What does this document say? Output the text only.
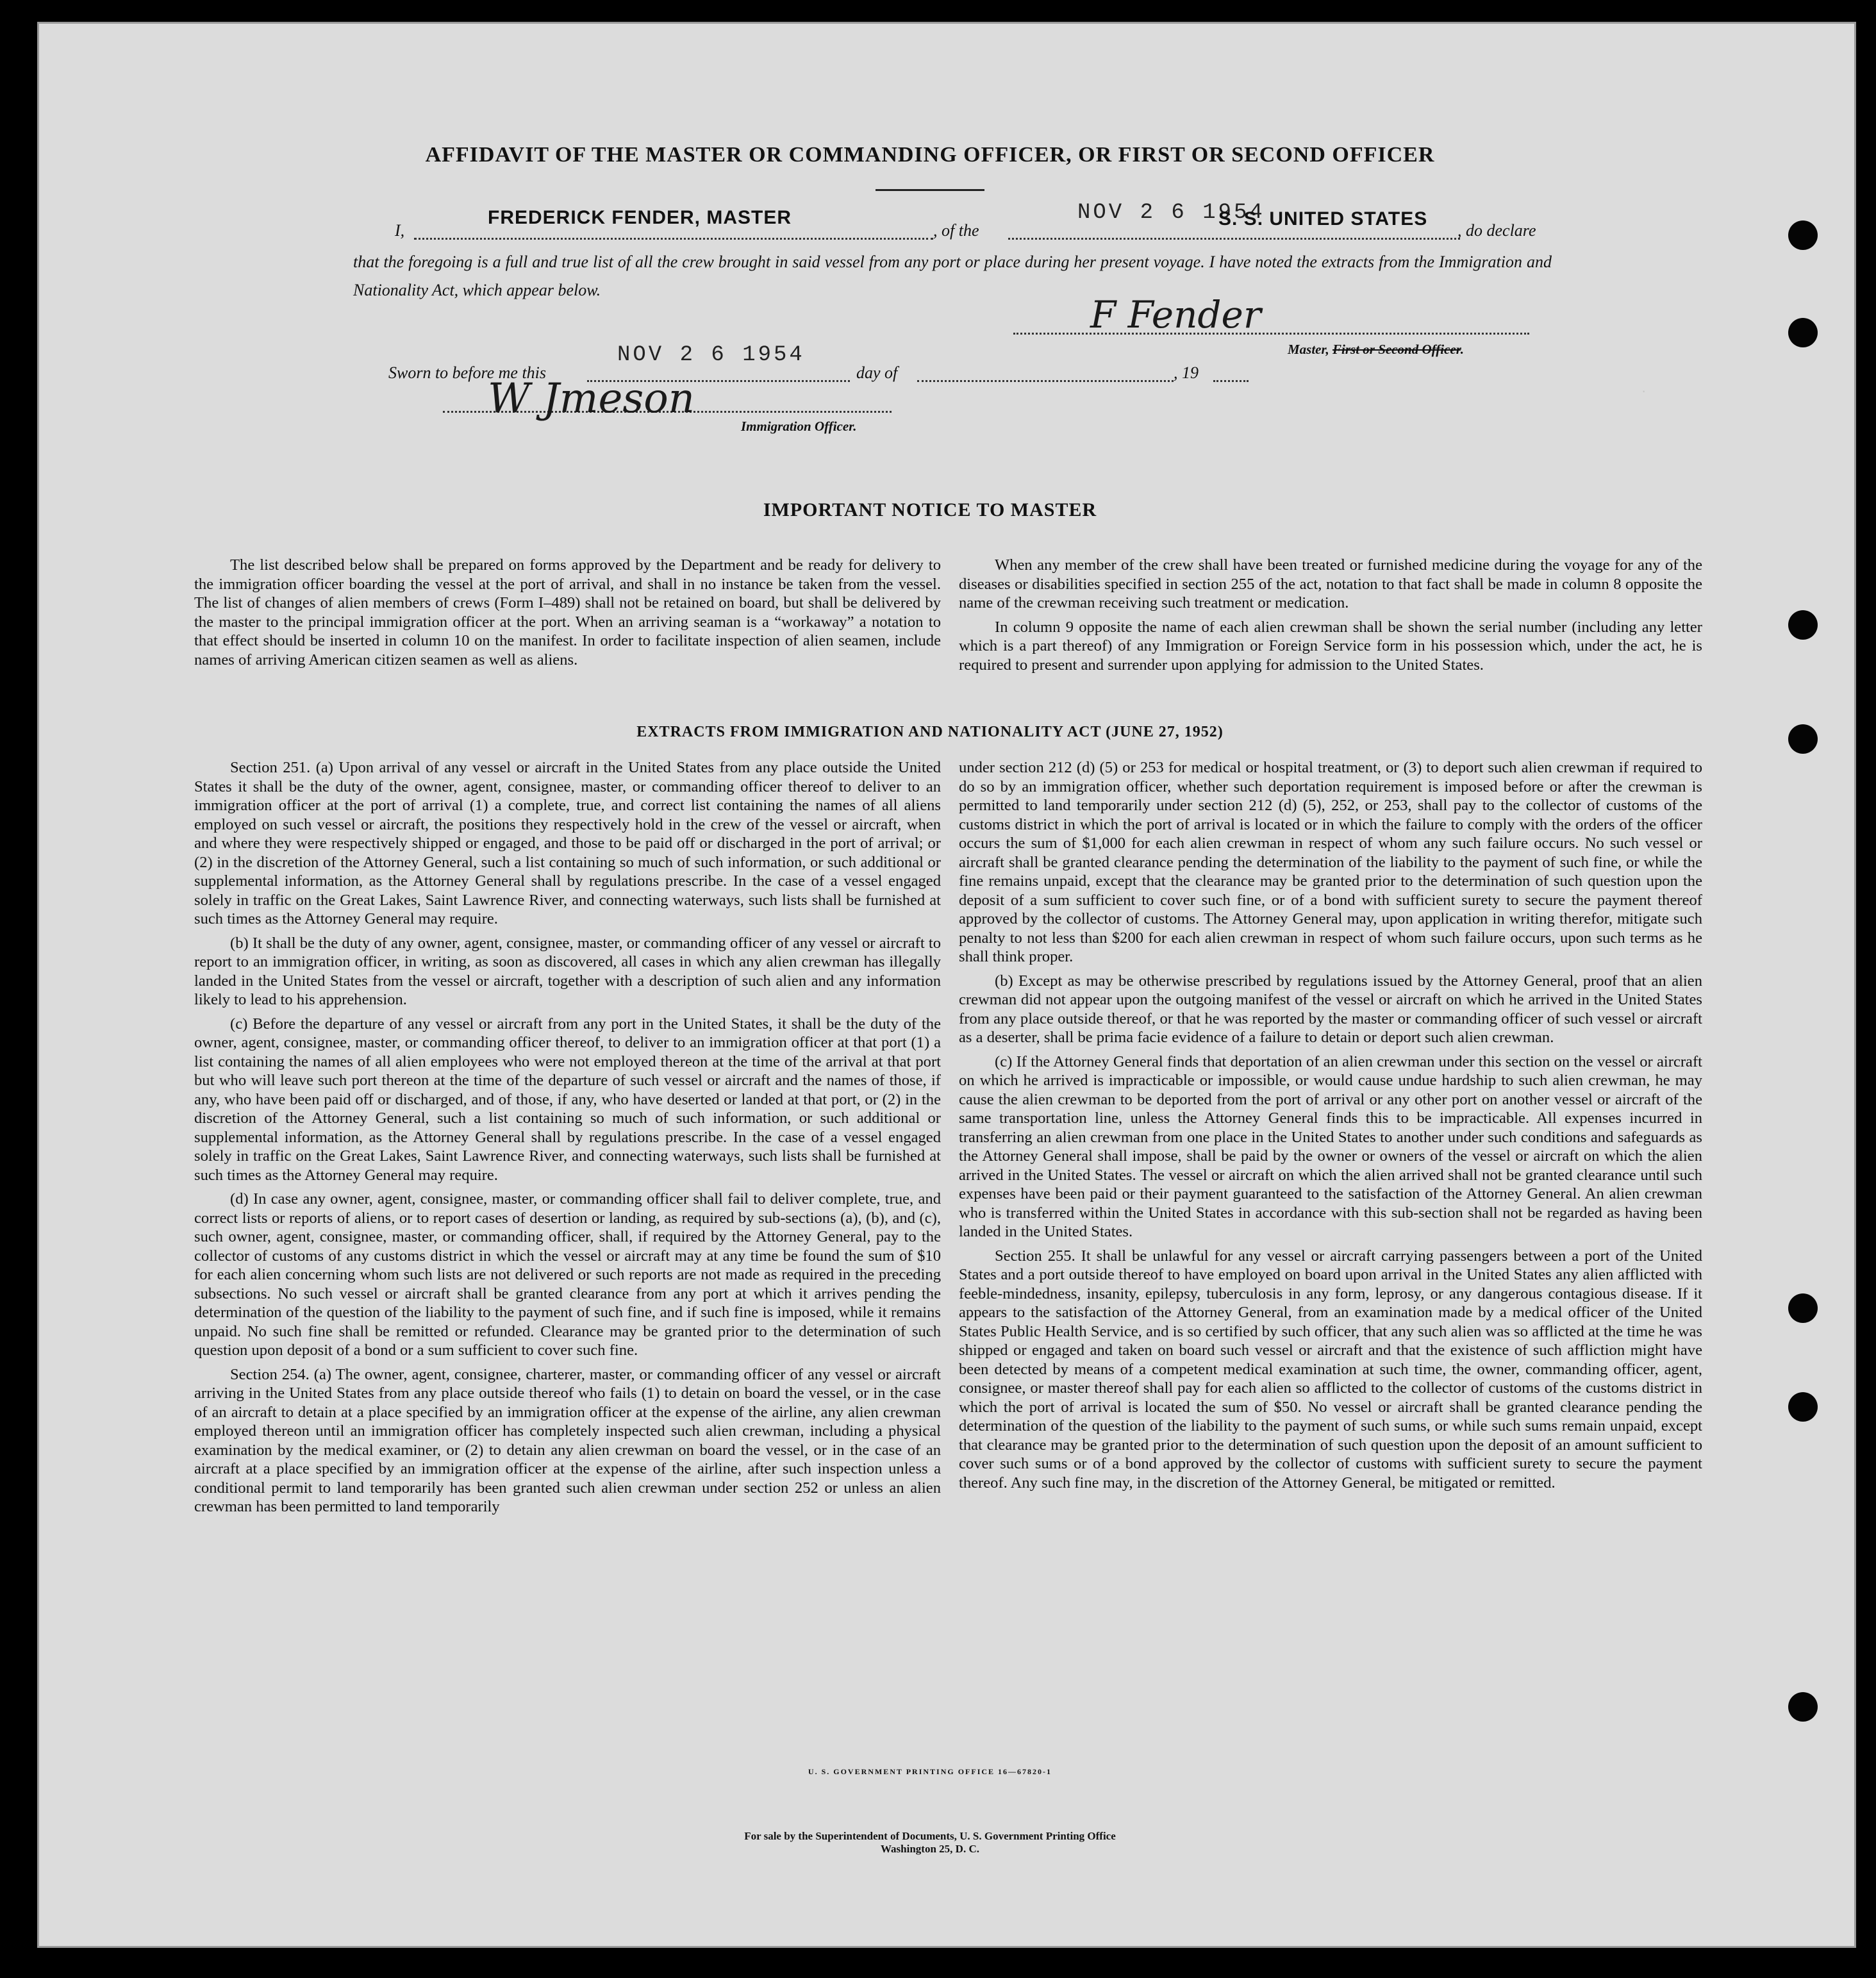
·
AFFIDAVIT OF THE MASTER OR COMMANDING OFFICER, OR FIRST OR SECOND OFFICER
I,
FREDERICK FENDER, MASTER
, of the
NOV 2 6 1954
S. S. UNITED STATES
, do declare
that the foregoing is a full and true list of all the crew brought in said vessel from any port or place during her present voyage. I have noted the extracts from the Immigration and Nationality Act, which appear below.
F Fender
Master, First or Second Officer.
Sworn to before me this
NOV 2 6 1954
day of	, 19
W Jmeson
Immigration Officer.
IMPORTANT NOTICE TO MASTER

The list described below shall be prepared on forms approved by the Department and be ready for delivery to the immigration officer boarding the vessel at the port of arrival, and shall in no instance be taken from the vessel. The list of changes of alien members of crews (Form I–489) shall not be retained on board, but shall be delivered by the master to the principal immigration officer at the port. When an arriving seaman is a “workaway” a notation to that effect should be inserted in column 10 on the manifest. In order to facilitate inspection of alien seamen, include names of arriving American citizen seamen as well as aliens.

When any member of the crew shall have been treated or furnished medicine during the voyage for any of the diseases or disabilities specified in section 255 of the act, notation to that fact shall be made in column 8 opposite the name of the crewman receiving such treatment or medication.

In column 9 opposite the name of each alien crewman shall be shown the serial number (including any letter which is a part thereof) of any Immigration or Foreign Service form in his possession which, under the act, he is required to present and surrender upon applying for admission to the United States.

EXTRACTS FROM IMMIGRATION AND NATIONALITY ACT (JUNE 27, 1952)

Section 251. (a) Upon arrival of any vessel or aircraft in the United States from any place outside the United States it shall be the duty of the owner, agent, consignee, master, or commanding officer thereof to deliver to an immigration officer at the port of arrival (1) a complete, true, and correct list containing the names of all aliens employed on such vessel or aircraft, the positions they respectively hold in the crew of the vessel or aircraft, when and where they were respectively shipped or engaged, and those to be paid off or discharged in the port of arrival; or (2) in the discretion of the Attorney General, such a list containing so much of such information, or such additional or supplemental information, as the Attorney General shall by regulations prescribe. In the case of a vessel engaged solely in traffic on the Great Lakes, Saint Lawrence River, and connecting waterways, such lists shall be furnished at such times as the Attorney General may require.

(b) It shall be the duty of any owner, agent, consignee, master, or commanding officer of any vessel or aircraft to report to an immigration officer, in writing, as soon as discovered, all cases in which any alien crewman has illegally landed in the United States from the vessel or aircraft, together with a description of such alien and any information likely to lead to his apprehension.

(c) Before the departure of any vessel or aircraft from any port in the United States, it shall be the duty of the owner, agent, consignee, master, or commanding officer thereof, to deliver to an immigration officer at that port (1) a list containing the names of all alien employees who were not employed thereon at the time of the arrival at that port but who will leave such port thereon at the time of the departure of such vessel or aircraft and the names of those, if any, who have been paid off or discharged, and of those, if any, who have deserted or landed at that port, or (2) in the discretion of the Attorney General, such a list containing so much of such information, or such additional or supplemental information, as the Attorney General shall by regulations prescribe. In the case of a vessel engaged solely in traffic on the Great Lakes, Saint Lawrence River, and connecting waterways, such lists shall be furnished at such times as the Attorney General may require.

(d) In case any owner, agent, consignee, master, or commanding officer shall fail to deliver complete, true, and correct lists or reports of aliens, or to report cases of desertion or landing, as required by sub-sections (a), (b), and (c), such owner, agent, consignee, master, or commanding officer, shall, if required by the Attorney General, pay to the collector of customs of any customs district in which the vessel or aircraft may at any time be found the sum of $10 for each alien concerning whom such lists are not delivered or such reports are not made as required in the preceding subsections. No such vessel or aircraft shall be granted clearance from any port at which it arrives pending the determination of the question of the liability to the payment of such fine, and if such fine is imposed, while it remains unpaid. No such fine shall be remitted or refunded. Clearance may be granted prior to the determination of such question upon deposit of a bond or a sum sufficient to cover such fine.

Section 254. (a) The owner, agent, consignee, charterer, master, or commanding officer of any vessel or aircraft arriving in the United States from any place outside thereof who fails (1) to detain on board the vessel, or in the case of an aircraft to detain at a place specified by an immigration officer at the expense of the airline, any alien crewman employed thereon until an immigration officer has completely inspected such alien crewman, including a physical examination by the medical examiner, or (2) to detain any alien crewman on board the vessel, or in the case of an aircraft at a place specified by an immigration officer at the expense of the airline, after such inspection unless a conditional permit to land temporarily has been granted such alien crewman under section 252 or unless an alien crewman has been permitted to land temporarily

under section 212 (d) (5) or 253 for medical or hospital treatment, or (3) to deport such alien crewman if required to do so by an immigration officer, whether such deportation requirement is imposed before or after the crewman is permitted to land temporarily under section 212 (d) (5), 252, or 253, shall pay to the collector of customs of the customs district in which the port of arrival is located or in which the failure to comply with the orders of the officer occurs the sum of $1,000 for each alien crewman in respect of whom any such failure occurs. No such vessel or aircraft shall be granted clearance pending the determination of the liability to the payment of such fine, or while the fine remains unpaid, except that the clearance may be granted prior to the determination of such question upon the deposit of a sum sufficient to cover such fine, or of a bond with sufficient surety to secure the payment thereof approved by the collector of customs. The Attorney General may, upon application in writing therefor, mitigate such penalty to not less than $200 for each alien crewman in respect of whom such failure occurs, upon such terms as he shall think proper.

(b) Except as may be otherwise prescribed by regulations issued by the Attorney General, proof that an alien crewman did not appear upon the outgoing manifest of the vessel or aircraft on which he arrived in the United States from any place outside thereof, or that he was reported by the master or commanding officer of such vessel or aircraft as a deserter, shall be prima facie evidence of a failure to detain or deport such alien crewman.

(c) If the Attorney General finds that deportation of an alien crewman under this section on the vessel or aircraft on which he arrived is impracticable or impossible, or would cause undue hardship to such alien crewman, he may cause the alien crewman to be deported from the port of arrival or any other port on another vessel or aircraft of the same transportation line, unless the Attorney General finds this to be impracticable. All expenses incurred in transferring an alien crewman from one place in the United States to another under such conditions and safeguards as the Attorney General shall impose, shall be paid by the owner or owners of the vessel or aircraft on which the alien arrived in the United States. The vessel or aircraft on which the alien arrived shall not be granted clearance until such expenses have been paid or their payment guaranteed to the satisfaction of the Attorney General. An alien crewman who is transferred within the United States in accordance with this sub-section shall not be regarded as having been landed in the United States.

Section 255. It shall be unlawful for any vessel or aircraft carrying passengers between a port of the United States and a port outside thereof to have employed on board upon arrival in the United States any alien afflicted with feeble-mindedness, insanity, epilepsy, tuberculosis in any form, leprosy, or any dangerous contagious disease. If it appears to the satisfaction of the Attorney General, from an examination made by a medical officer of the United States Public Health Service, and is so certified by such officer, that any such alien was so afflicted at the time he was shipped or engaged and taken on board such vessel or aircraft and that the existence of such affliction might have been detected by means of a competent medical examination at such time, the owner, commanding officer, agent, consignee, or master thereof shall pay for each alien so afflicted to the collector of customs of the customs district in which the port of arrival is located the sum of $50. No vessel or aircraft shall be granted clearance pending the determination of the question of the liability to the payment of such sums, or while such sums remain unpaid, except that clearance may be granted prior to the determination of such question upon the deposit of an amount sufficient to cover such sums or of a bond approved by the collector of customs with sufficient surety to secure the payment thereof. Any such fine may, in the discretion of the Attorney General, be mitigated or remitted.

U. S. GOVERNMENT PRINTING OFFICE 16—67820-1
For sale by the Superintendent of Documents, U. S. Government Printing Office
Washington 25, D. C.
